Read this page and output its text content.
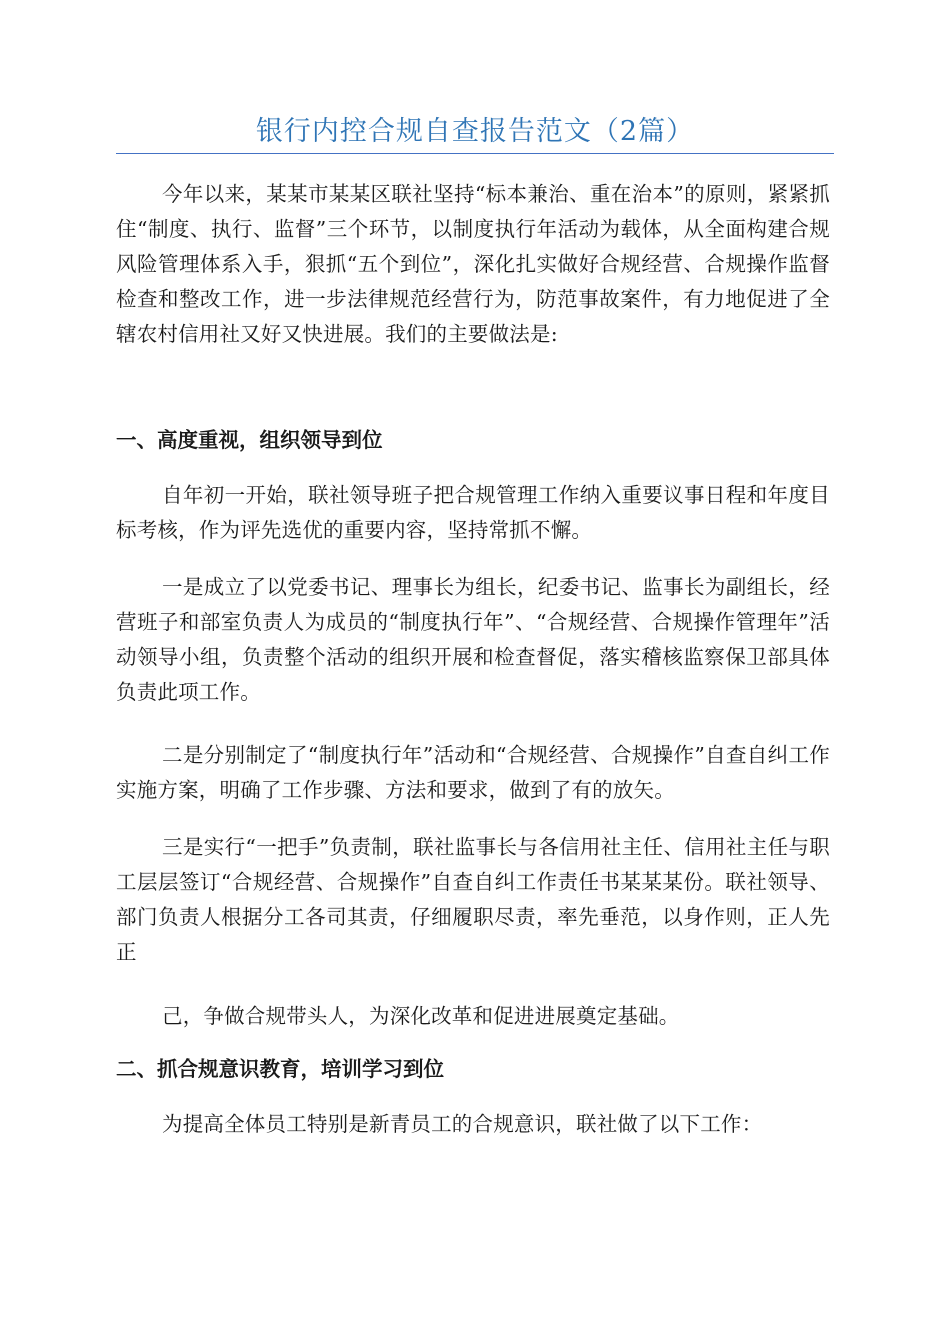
银行内控合规自查报告范文（2篇）

今年以来，某某市某某区联社坚持“标本兼治、重在治本”的原则，紧紧抓住“制度、执行、监督”三个环节，以制度执行年活动为载体，从全面构建合规风险管理体系入手，狠抓“五个到位”，深化扎实做好合规经营、合规操作监督检查和整改工作，进一步法律规范经营行为，防范事故案件，有力地促进了全辖农村信用社又好又快进展。我们的主要做法是:

一、高度重视，组织领导到位

自年初一开始，联社领导班子把合规管理工作纳入重要议事日程和年度目标考核，作为评先选优的重要内容，坚持常抓不懈。

一是成立了以党委书记、理事长为组长，纪委书记、监事长为副组长，经营班子和部室负责人为成员的“制度执行年”、“合规经营、合规操作管理年”活动领导小组，负责整个活动的组织开展和检查督促，落实稽核监察保卫部具体负责此项工作。

二是分别制定了“制度执行年”活动和“合规经营、合规操作”自查自纠工作实施方案，明确了工作步骤、方法和要求，做到了有的放矢。

三是实行“一把手”负责制，联社监事长与各信用社主任、信用社主任与职工层层签订“合规经营、合规操作”自查自纠工作责任书某某某份。联社领导、部门负责人根据分工各司其责，仔细履职尽责，率先垂范，以身作则，正人先正

己，争做合规带头人，为深化改革和促进进展奠定基础。

二、抓合规意识教育，培训学习到位

为提高全体员工特别是新青员工的合规意识，联社做了以下工作：
